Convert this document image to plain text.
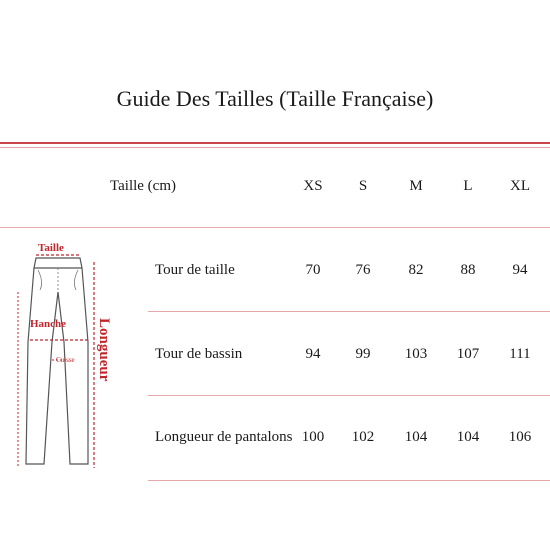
Guide Des Tailles (Taille Française)
Taille (cm)	XS	S	M	L	XL
Tour de taille	70	76	82	88	94
Tour de bassin	94	99	103	107	111
Longueur de pantalons 100	102	104	104	106
Taille
Hanche
Cuisse Longueur
